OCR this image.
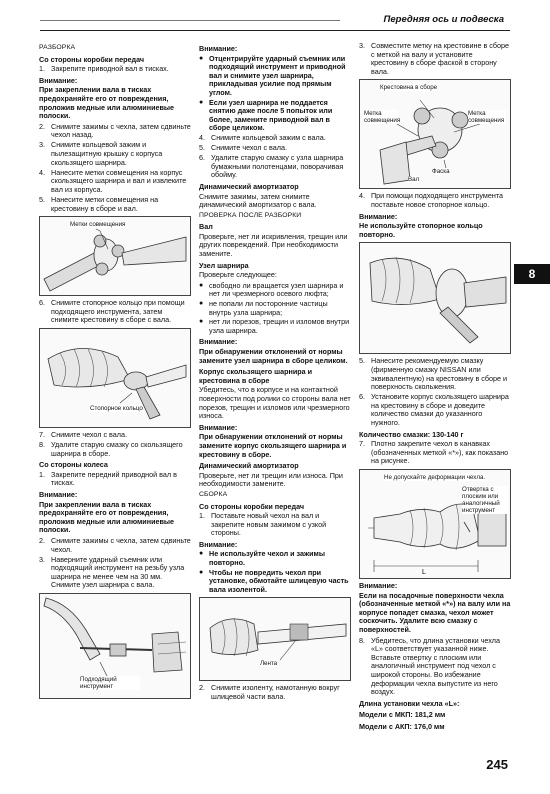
Передняя ось и подвеска
8
РАЗБОРКА
Со стороны коробки передач
1. Закрепите приводной вал в тисках.
Внимание:
При закреплении вала в тисках предохраняйте его от повреждения, проложив медные или алюминиевые полоски.
2. Снимите зажимы с чехла, затем сдвиньте чехол назад.
3. Снимите кольцевой зажим и пылезащитную крышку с корпуса скользящего шарнира.
4. Нанесите метки совмещения на корпус скользящего шарнира и вал и извлеките вал из корпуса.
5. Нанесите метки совмещения на крестовину в сборе и вал.
Метки совмещения
6. Снимите стопорное кольцо при помощи подходящего инструмента, затем снимите крестовину в сборе с вала.
Стопорное кольцо
7. Снимите чехол с вала.
8. Удалите старую смазку со скользящего шарнира в сборе.
Со стороны колеса
1. Закрепите передний приводной вал в тисках.
Внимание:
При закреплении вала в тисках предохраняйте его от повреждения, проложив медные или алюминиевые полоски.
2. Снимите зажимы с чехла, затем сдвиньте чехол.
3. Наверните ударный съемник или подходящий инструмент на резьбу узла шарнира не менее чем на 30 мм. Снимите узел шарнира с вала.
Подходящий инструмент
Внимание:
● Отцентрируйте ударный съемник или подходящий инструмент и приводной вал и снимите узел шарнира, прикладывая усилие под прямым углом.
● Если узел шарнира не поддается снятию даже после 5 попыток или более, замените приводной вал в сборе целиком.
4. Снимите кольцевой зажим с вала.
5. Снимите чехол с вала.
6. Удалите старую смазку с узла шарнира бумажными полотенцами, поворачивая обойму.
Динамический амортизатор
Снимите зажимы, затем снимите динамический амортизатор с вала.
ПРОВЕРКА ПОСЛЕ РАЗБОРКИ
Вал
Проверьте, нет ли искривления, трещин или других повреждений. При необходимости замените.
Узел шарнира
Проверьте следующее:
● свободно ли вращается узел шарнира и нет ли чрезмерного осевого люфта;
● не попали ли посторонние частицы внутрь узла шарнира;
● нет ли порезов, трещин и изломов внутри узла шарнира.
Внимание:
При обнаружении отклонений от нормы замените узел шарнира в сборе целиком.
Корпус скользящего шарнира и крестовина в сборе
Убедитесь, что в корпусе и на контактной поверхности под ролики со стороны вала нет порезов, трещин и изломов или чрезмерного износа.
Внимание:
При обнаружении отклонений от нормы замените корпус скользящего шарнира и крестовину в сборе.
Динамический амортизатор
Проверьте, нет ли трещин или износа. При необходимости замените.
СБОРКА
Со стороны коробки передач
1. Поставьте новый чехол на вал и закрепите новым зажимом с узкой стороны.
Внимание:
● Не используйте чехол и зажимы повторно.
● Чтобы не повредить чехол при установке, обмотайте шлицевую часть вала изолентой.
Лента
2. Снимите изоленту, намотанную вокруг шлицевой части вала.
3. Совместите метку на крестовине в сборе с меткой на валу и установите крестовину в сборе фаской в сторону вала.
Крестовина в сборе
Метка совмещения
Метка совмещения
Фаска
Вал
4. При помощи подходящего инструмента поставьте новое стопорное кольцо.
Внимание:
Не используйте стопорное кольцо повторно.
5. Нанесите рекомендуемую смазку (фирменную смазку NISSAN или эквивалентную) на крестовину в сборе и поверхность скольжения.
6. Установите корпус скользящего шарнира на крестовину в сборе и доведите количество смазки до указанного нужного.
Количество смазки: 130-140 г
7. Плотно закрепите чехол в канавках (обозначенных меткой «*»), как показано на рисунке.
L
Не допускайте деформации чехла.
Отвертка с плоским или аналогичный инструмент
Внимание:
Если на посадочные поверхности чехла (обозначенные меткой «*») на валу или на корпусе попадет смазка, чехол может соскочить. Удалите всю смазку с поверхностей.
8. Убедитесь, что длина установки чехла «L» соответствует указанной ниже. Вставьте отвертку с плоским или аналогичный инструмент под чехол с широкой стороны. Во избежание деформации чехла выпустите из него воздух.
Длина установки чехла «L»:
Модели с МКП: 181,2 мм
Модели с АКП: 176,0 мм
245
